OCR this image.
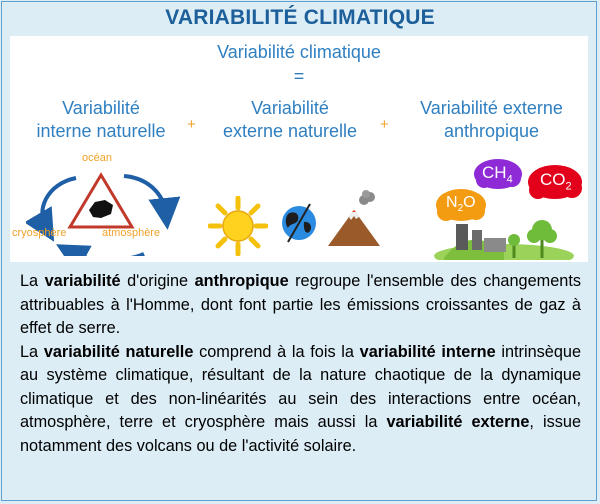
VARIABILITÉ CLIMATIQUE
Variabilité climatique
=
Variabilité
interne naturelle	+
Variabilité
externe naturelle	+
Variabilité externe
anthropique
océan
cryosphère	atmosphère
$CH_4$ $CO_2$
$N_2O$

La variabilité d'origine anthropique regroupe l'ensemble des changements attribuables à l'Homme, dont font partie les émissions croissantes de gaz à effet de serre.

La variabilité naturelle comprend à la fois la variabilité interne intrinsèque au système climatique, résultant de la nature chaotique de la dynamique climatique et des non-linéarités au sein des interactions entre océan, atmosphère, terre et cryosphère mais aussi la variabilité externe, issue notamment des volcans ou de l'activité solaire.
